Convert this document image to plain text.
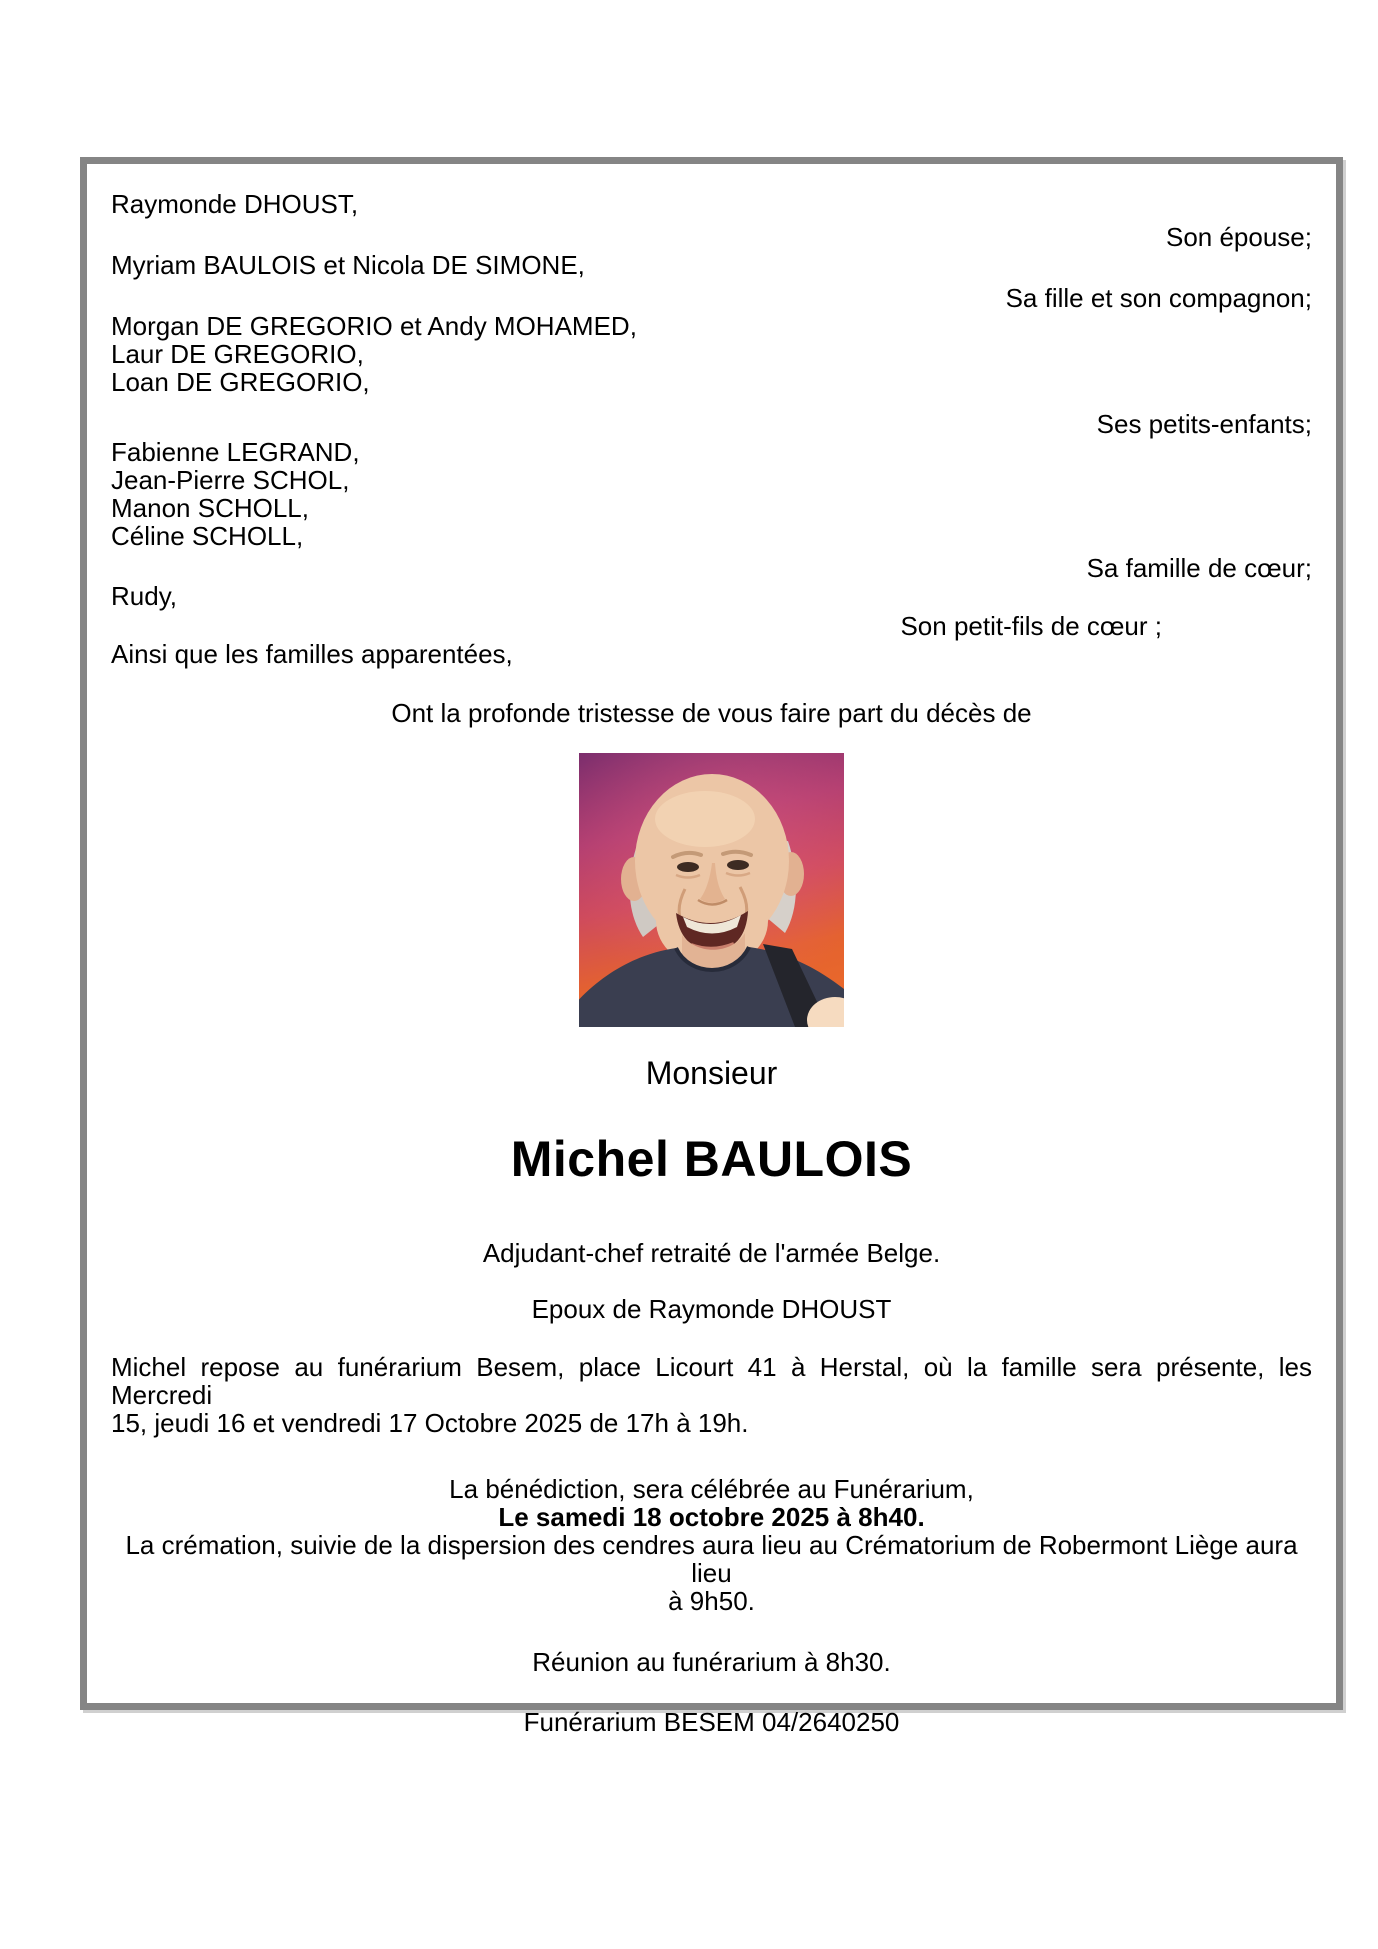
Raymonde DHOUST,
Son épouse;
Myriam BAULOIS et Nicola DE SIMONE,
Sa fille et son compagnon;
Morgan DE GREGORIO et Andy MOHAMED,
Laur DE GREGORIO,
Loan DE GREGORIO,
Ses petits-enfants;
Fabienne LEGRAND,
Jean-Pierre SCHOL,
Manon SCHOLL,
Céline SCHOLL,
Sa famille de cœur;
Rudy,
Son petit-fils de cœur ;
Ainsi que les familles apparentées,
Ont la profonde tristesse de vous faire part du décès de
Monsieur
Michel BAULOIS
Adjudant-chef retraité de l'armée Belge.
Epoux de Raymonde DHOUST
Michel repose au funérarium Besem, place Licourt 41 à Herstal, où la famille sera présente, les Mercredi
15, jeudi 16 et vendredi 17 Octobre 2025 de 17h à 19h.
La bénédiction, sera célébrée au Funérarium,
Le samedi 18 octobre 2025 à 8h40.
La crémation, suivie de la dispersion des cendres aura lieu au Crématorium de Robermont Liège aura lieu
à 9h50.
Réunion au funérarium à 8h30.
Funérarium BESEM 04/2640250
